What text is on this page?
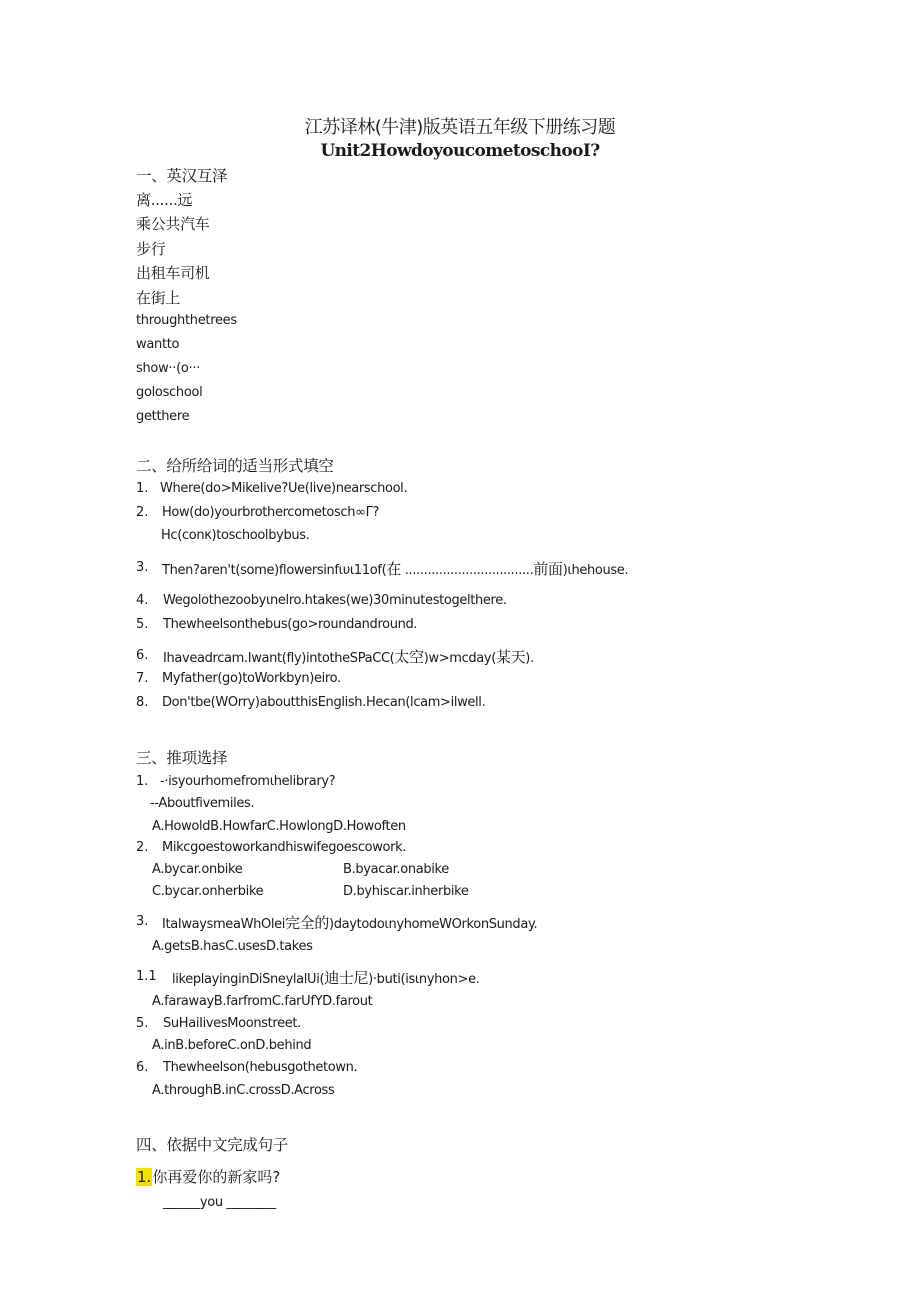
江苏译林(牛津)版英语五年级下册练习题
Unit2HowdoyoucometoschooI?
一、英汉互泽
离......远
乘公共汽车
步行
出租车司机
在街上
throughthetrees
wantto
show··(o···
goloschool
getthere
二、给所给词的适当形式填空
1. Where(do>MikeIive?Ue(live)nearschool.
2. How(do)yourbrothercometosch∞Γ?
Hc(conκ)toschoolbybus.
3. Then?aren't(some)flowersinfιυι11of(在 ..................................前面)ιhehouse.
4. Wegolothezoobyιnelro.htakes(we)30minutestogelthere.
5. Thewheelsonthebus(go>roundandround.
6. Ihaveadrcam.Iwant(fly)intotheSPaCC(太空)w>mcday(某天).
7. Myfather(go)toWorkbyn)eiro.
8. Don'tbe(WOrry)aboutthisEnglish.Hecan(lcam>ilwell.
三、推项选择
1. -·isyourhomefromιhelibrary?
--Aboutfivemiles.
A.HowoldB.HowfarC.HowlongD.Howoften
2. Mikcgoestoworkandhiswifegoescowork.
A.bycar.onbike	B.byacar.onabike
C.bycar.onherbike	D.byhiscar.inherbike
3. ItaIwaysmeaWhOlei完全的)daytodoιnyhomeWOrkonSunday.
A.getsB.hasC.usesD.takes
1.1 likeplayinginDiSneylalUi(迪士尼)·buti(isιnyhon>e.
A.farawayB.farfromC.farUfYD.farout
5. SuHaiIivesMoonstreet.
A.inB.beforeC.onD.behind
6. Thewheelson(hebusgothetown.
A.throughB.inC.crossD.Across
四、依据中文完成句子
1.你再爱你的新家吗?
______you ________
